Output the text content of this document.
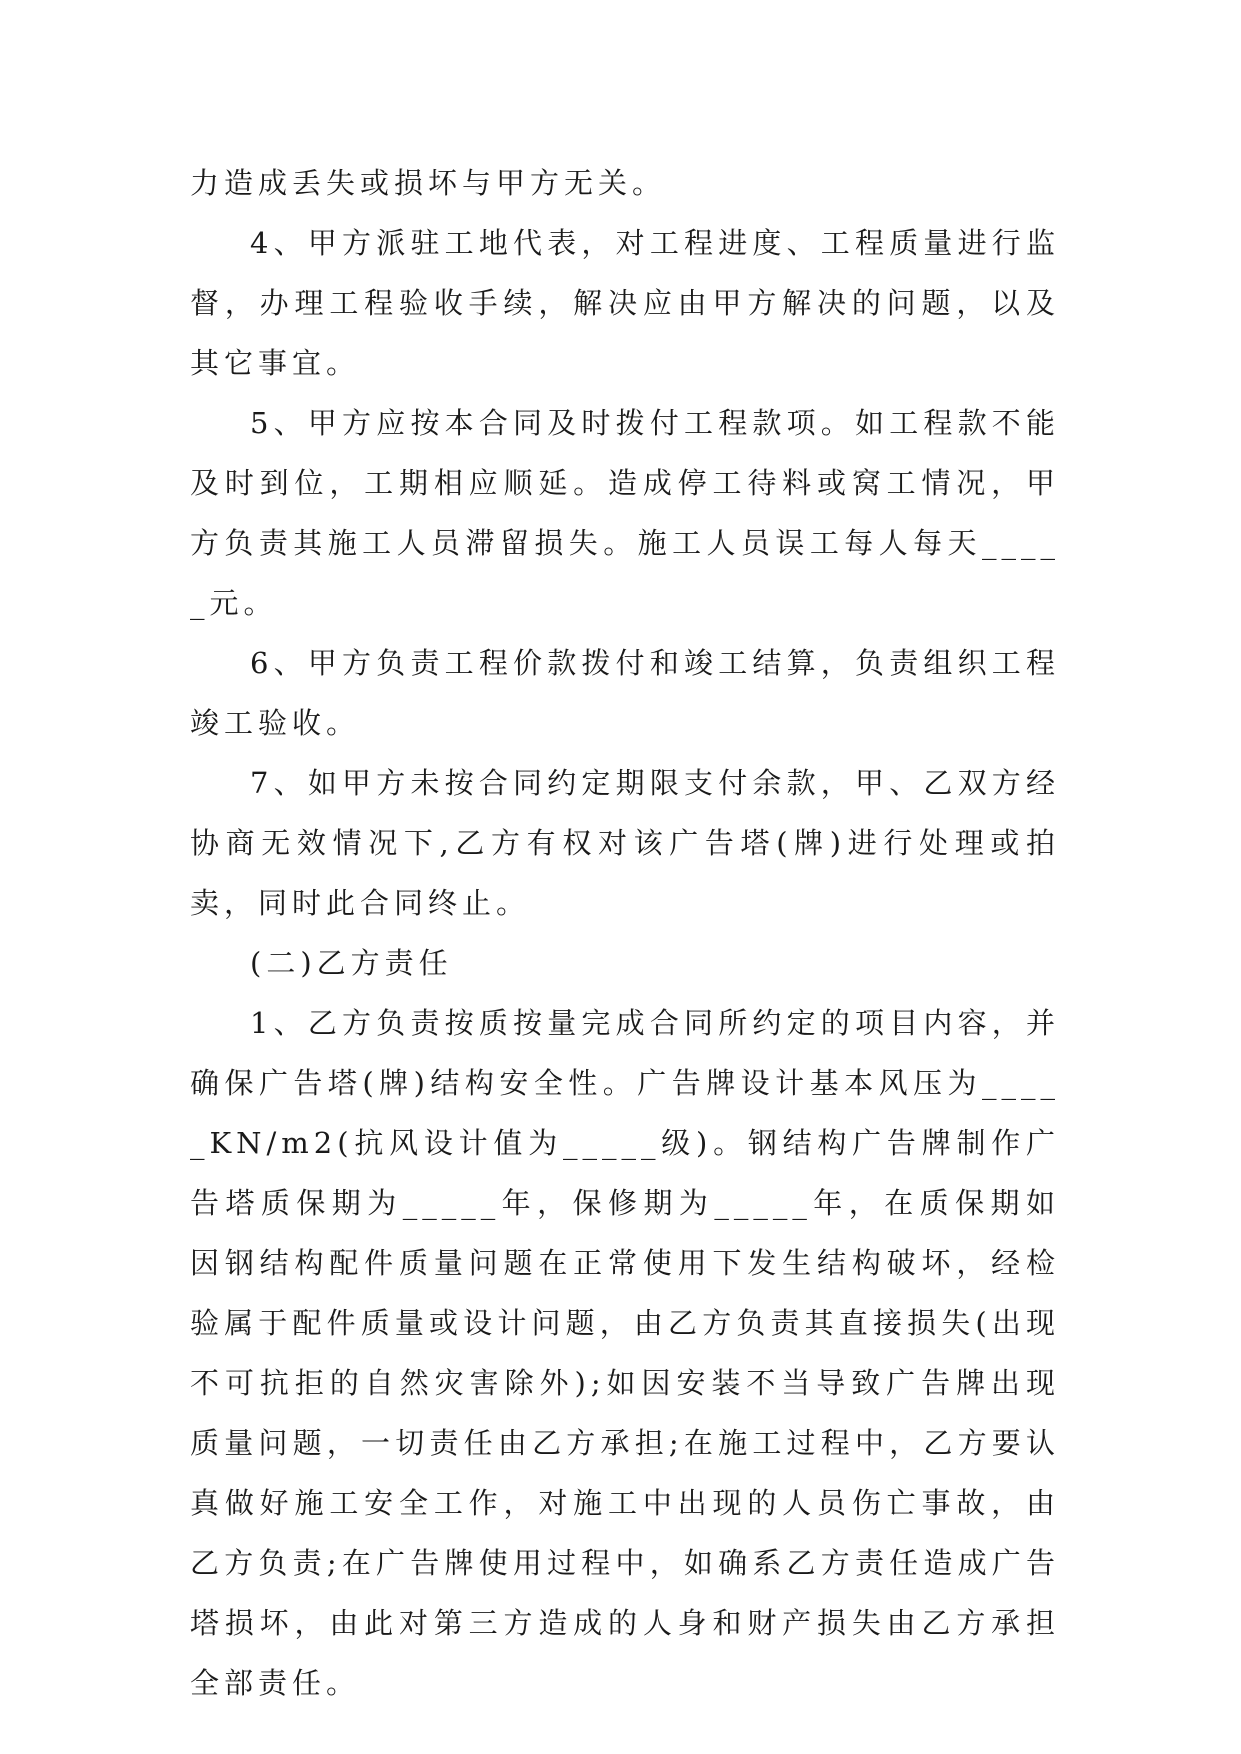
力造成丢失或损坏与甲方无关。

4、甲方派驻工地代表，对工程进度、工程质量进行监督，办理工程验收手续，解决应由甲方解决的问题，以及其它事宜。

5、甲方应按本合同及时拨付工程款项。如工程款不能及时到位，工期相应顺延。造成停工待料或窝工情况，甲方负责其施工人员滞留损失。施工人员误工每人每天_____元。

6、甲方负责工程价款拨付和竣工结算，负责组织工程竣工验收。

7、如甲方未按合同约定期限支付余款，甲、乙双方经协商无效情况下,乙方有权对该广告塔(牌)进行处理或拍卖，同时此合同终止。

(二)乙方责任

1、乙方负责按质按量完成合同所约定的项目内容，并确保广告塔(牌)结构安全性。广告牌设计基本风压为_____KN/m2(抗风设计值为_____级)。钢结构广告牌制作广告塔质保期为_____年，保修期为_____年，在质保期如因钢结构配件质量问题在正常使用下发生结构破坏，经检验属于配件质量或设计问题，由乙方负责其直接损失(出现不可抗拒的自然灾害除外);如因安装不当导致广告牌出现质量问题，一切责任由乙方承担;在施工过程中，乙方要认真做好施工安全工作，对施工中出现的人员伤亡事故，由乙方负责;在广告牌使用过程中，如确系乙方责任造成广告塔损坏，由此对第三方造成的人身和财产损失由乙方承担全部责任。
